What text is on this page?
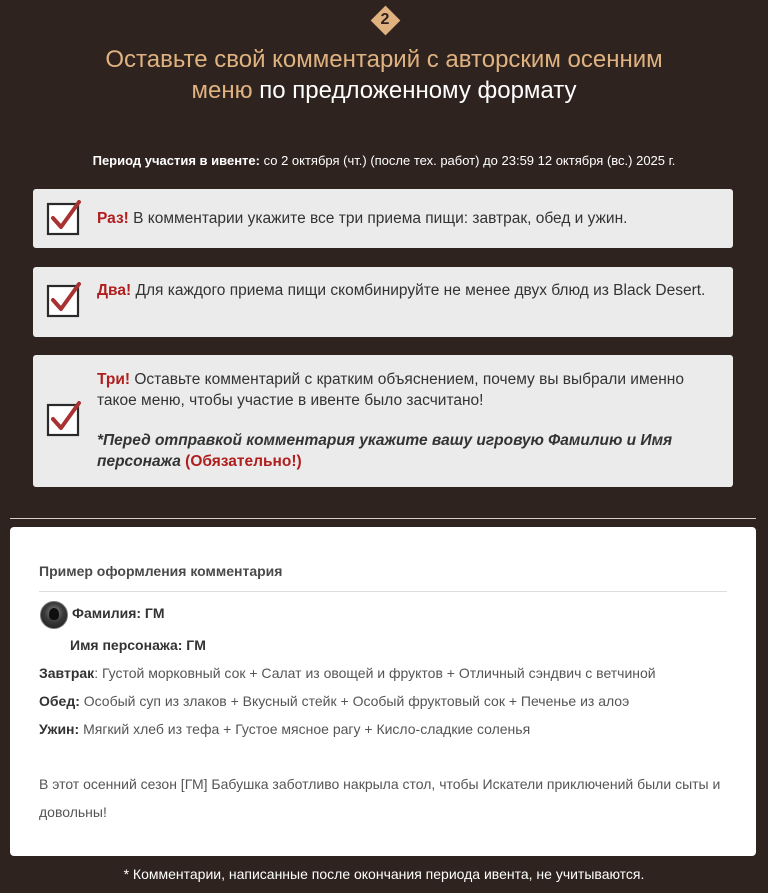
2
Оставьте свой комментарий с авторским осенним
меню по предложенному формату
Период участия в ивенте: со 2 октября (чт.) (после тех. работ) до 23:59 12 октября (вс.) 2025 г.
Раз! В комментарии укажите все три приема пищи: завтрак, обед и ужин.
Два! Для каждого приема пищи скомбинируйте не менее двух блюд из Black Desert.
Три! Оставьте комментарий с кратким объяснением, почему вы выбрали именно такое меню, чтобы участие в ивенте было засчитано!
*Перед отправкой комментария укажите вашу игровую Фамилию и Имя персонажа (Обязательно!)
Пример оформления комментария
Фамилия: ГМ
Имя персонажа: ГМ
Завтрак: Густой морковный сок + Салат из овощей и фруктов + Отличный сэндвич с ветчиной
Обед: Особый суп из злаков + Вкусный стейк + Особый фруктовый сок + Печенье из алоэ
Ужин: Мягкий хлеб из тефа + Густое мясное рагу + Кисло-сладкие соленья
В этот осенний сезон [ГМ] Бабушка заботливо накрыла стол, чтобы Искатели приключений были сыты и довольны!
* Комментарии, написанные после окончания периода ивента, не учитываются.
